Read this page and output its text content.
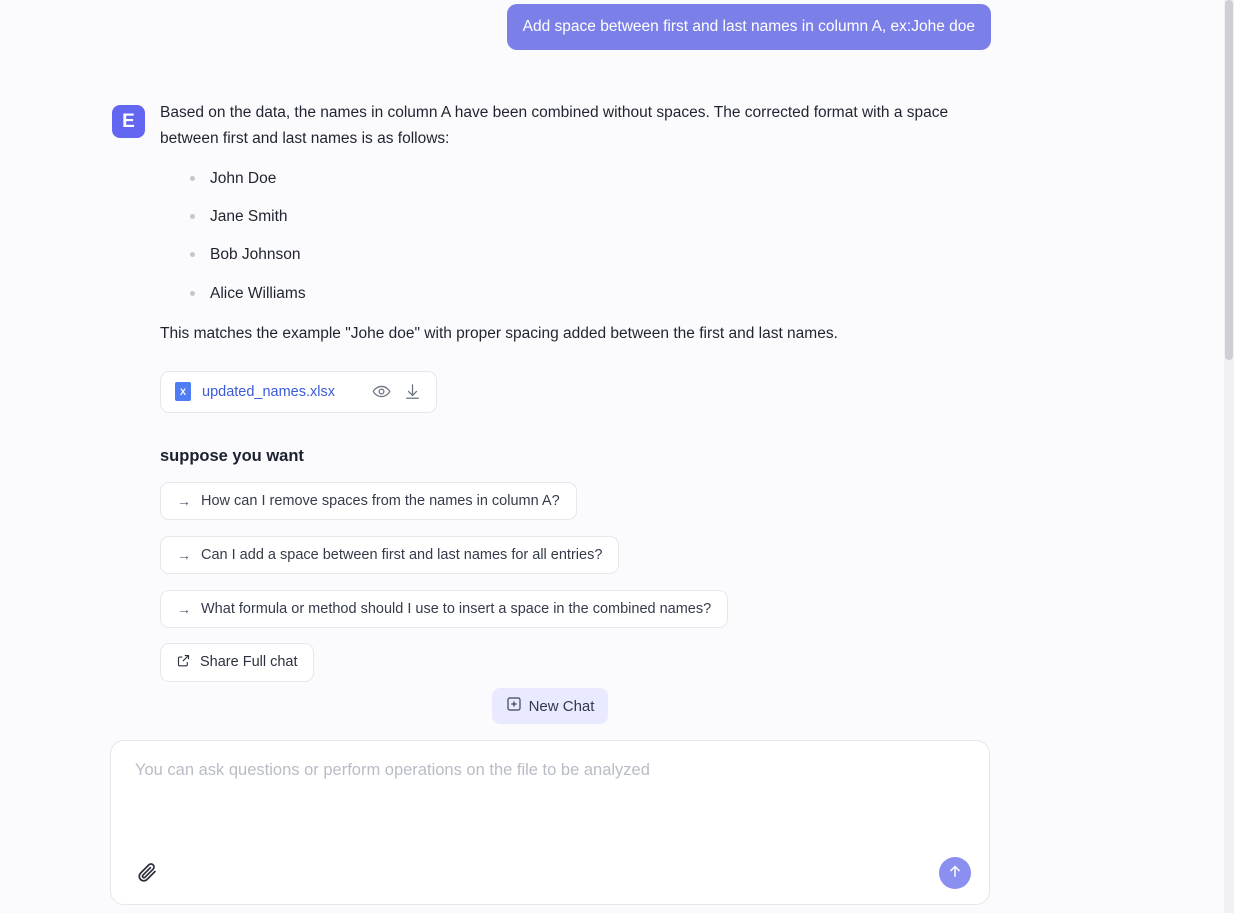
Add space between first and last names in column A, ex:Johe doe
E	Based on the data, the names in column A have been combined without spaces. The corrected format with a space between first and last names is as follows:

John Doe
Jane Smith
Bob Johnson
Alice Williams

This matches the example "Johe doe" with proper spacing added between the first and last names.

X	updated_names.xlsx
suppose you want
→ How can I remove spaces from the names in column A?
→ Can I add a space between first and last names for all entries?
→ What formula or method should I use to insert a space in the combined names?
Share Full chat
New Chat
You can ask questions or perform operations on the file to be analyzed
